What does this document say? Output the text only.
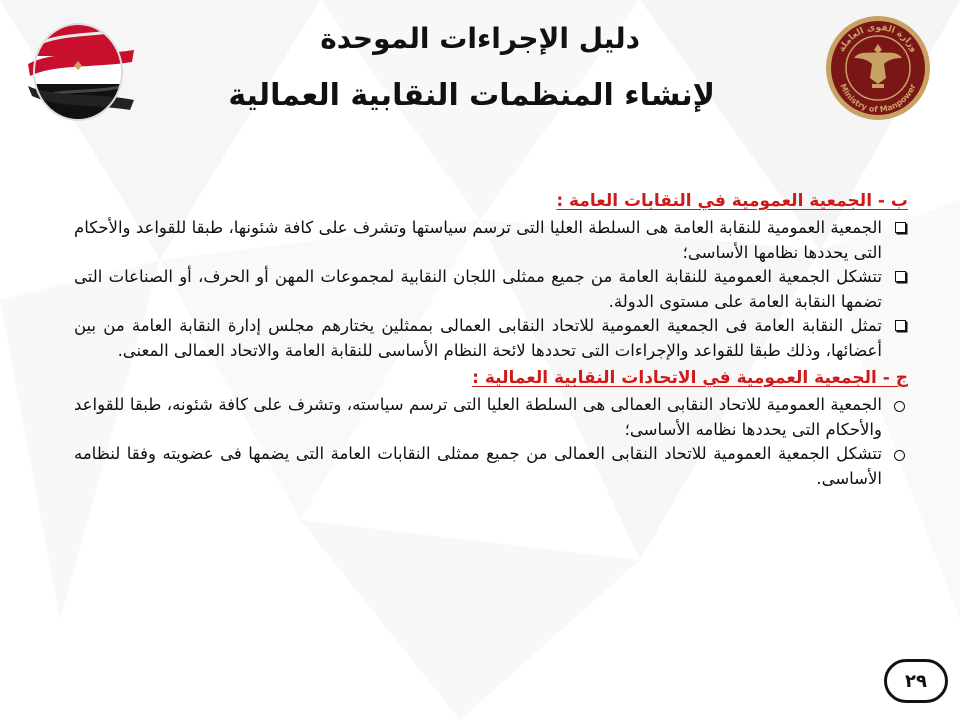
وزارة القوى العاملة
Ministry of Manpower
دليل الإجراءات الموحدة
لإنشاء المنظمات النقابية العمالية
ب - الجمعية العمومية في النقابات العامة :
الجمعية العمومية للنقابة العامة هى السلطة العليا التى ترسم سياستها وتشرف على كافة شئونها، طبقا للقواعد والأحكام التى يحددها نظامها الأساسى؛
تتشكل الجمعية العمومية للنقابة العامة من جميع ممثلى اللجان النقابية لمجموعات المهن أو الحرف، أو الصناعات التى تضمها النقابة العامة على مستوى الدولة.
تمثل النقابة العامة فى الجمعية العمومية للاتحاد النقابى العمالى بممثلين يختارهم مجلس إدارة النقابة العامة من بين أعضائها، وذلك طبقا للقواعد والإجراءات التى تحددها لائحة النظام الأساسى للنقابة العامة والاتحاد العمالى المعنى.
ج - الجمعية العمومية في الاتحادات النقابية العمالية :
الجمعية العمومية للاتحاد النقابى العمالى هى السلطة العليا التى ترسم سياسته، وتشرف على كافة شئونه، طبقا للقواعد والأحكام التى يحددها نظامه الأساسى؛
تتشكل الجمعية العمومية للاتحاد النقابى العمالى من جميع ممثلى النقابات العامة التى يضمها فى عضويته وفقا لنظامه الأساسى.
٢٩
